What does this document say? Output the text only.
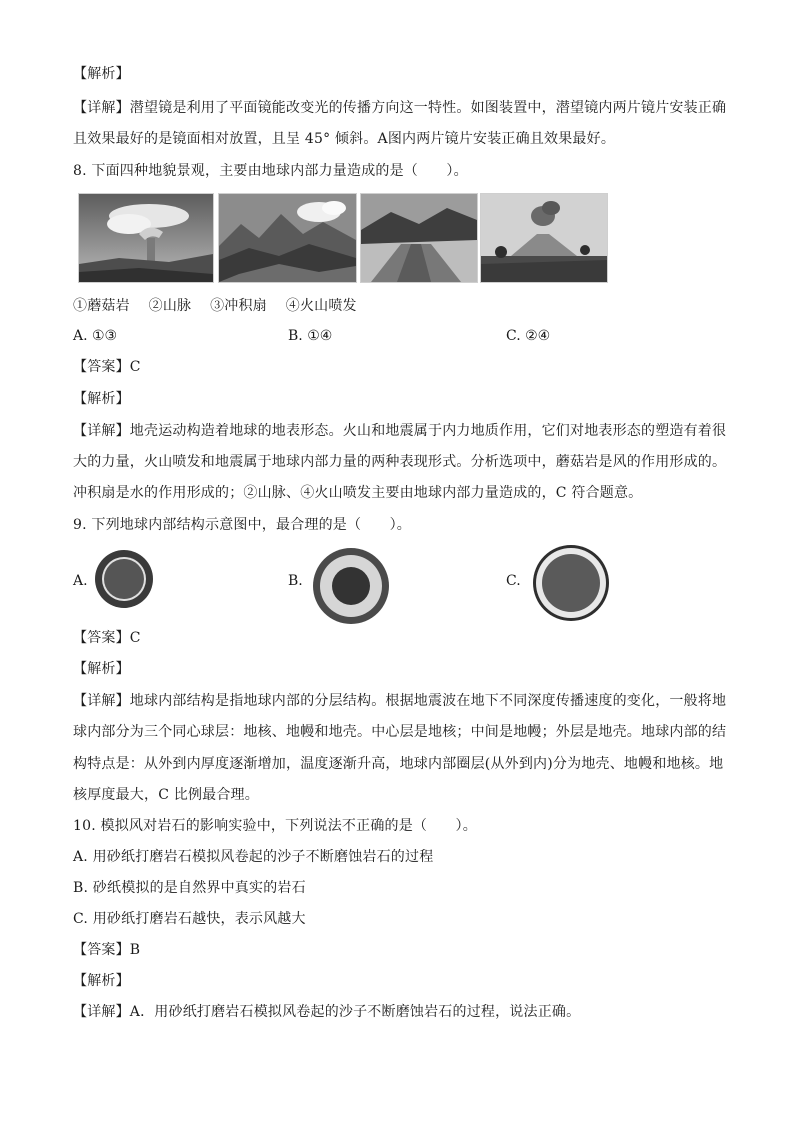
【解析】
【详解】潜望镜是利用了平面镜能改变光的传播方向这一特性。如图装置中，潜望镜内两片镜片安装正确
且效果最好的是镜面相对放置，且呈 45° 倾斜。A图内两片镜片安装正确且效果最好。
8. 下面四种地貌景观，主要由地球内部力量造成的是（　　）。
①蘑菇岩　 ②山脉　 ③冲积扇　 ④火山喷发
A. ①③	B. ①④	C. ②④
【答案】C
【解析】
【详解】地壳运动构造着地球的地表形态。火山和地震属于内力地质作用，它们对地表形态的塑造有着很
大的力量，火山喷发和地震属于地球内部力量的两种表现形式。分析选项中，蘑菇岩是风的作用形成的。
冲积扇是水的作用形成的；②山脉、④火山喷发主要由地球内部力量造成的，C 符合题意。
9. 下列地球内部结构示意图中，最合理的是（　　）。
A.	B.	C.
【答案】C
【解析】
【详解】地球内部结构是指地球内部的分层结构。根据地震波在地下不同深度传播速度的变化，一般将地
球内部分为三个同心球层：地核、地幔和地壳。中心层是地核；中间是地幔；外层是地壳。地球内部的结
构特点是：从外到内厚度逐渐增加，温度逐渐升高，地球内部圈层(从外到内)分为地壳、地幔和地核。地
核厚度最大，C 比例最合理。
10. 模拟风对岩石的影响实验中，下列说法不正确的是（　　）。
A. 用砂纸打磨岩石模拟风卷起的沙子不断磨蚀岩石的过程
B. 砂纸模拟的是自然界中真实的岩石
C. 用砂纸打磨岩石越快，表示风越大
【答案】B
【解析】
【详解】A．用砂纸打磨岩石模拟风卷起的沙子不断磨蚀岩石的过程，说法正确。
